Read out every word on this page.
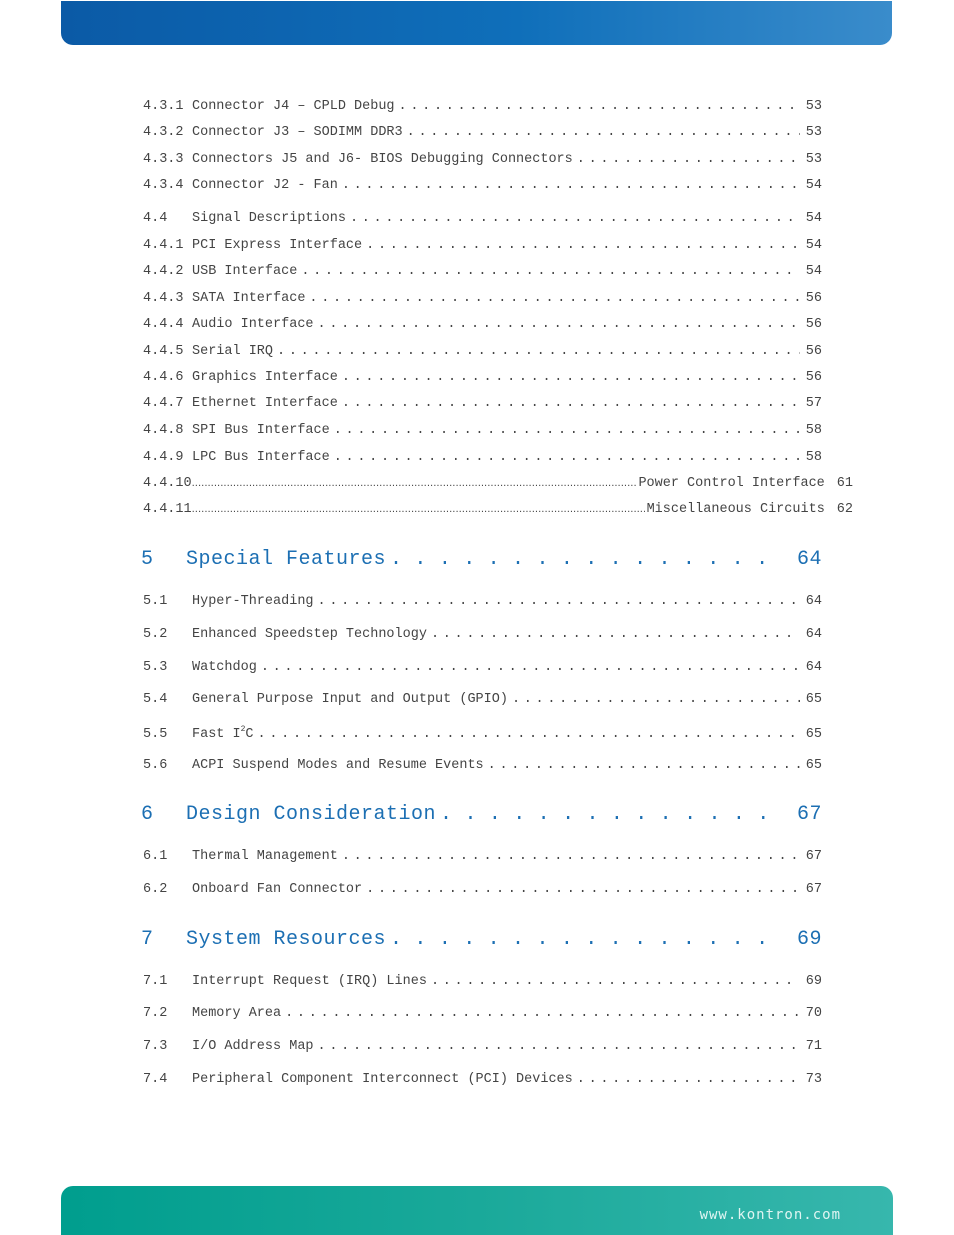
4.3.1 Connector J4 – CPLD Debug . . .	53
4.3.2 Connector J3 – SODIMM DDR3 . . .	53
4.3.3 Connectors J5 and J6- BIOS Debugging Connectors . . .	53
4.3.4 Connector J2 - Fan . . .	54
4.4	Signal Descriptions . . .	54
4.4.1 PCI Express Interface . . .	54
4.4.2 USB Interface . . .	54
4.4.3 SATA Interface . . .	56
4.4.4 Audio Interface . . .	56
4.4.5 Serial IRQ . . .	56
4.4.6 Graphics Interface . . .	56
4.4.7 Ethernet Interface . . .	57
4.4.8 SPI Bus Interface . . .	58
4.4.9 LPC Bus Interface . . .	58
4.4.10 .....	Power Control Interface 61
4.4.11 .....	Miscellaneous Circuits 62
5	Special Features . . .	64
5.1	Hyper-Threading . . .	64
5.2	Enhanced Speedstep Technology . . .	64
5.3	Watchdog . . .	64
5.4	General Purpose Input and Output (GPIO) . . .	65
5.5	Fast $I^2C$ . . .	65
5.6	ACPI Suspend Modes and Resume Events . . .	65
6	Design Consideration . . .	67
6.1	Thermal Management . . .	67
6.2	Onboard Fan Connector . . .	67
7	System Resources . . .	69
7.1	Interrupt Request (IRQ) Lines . . .	69
7.2	Memory Area . . .	70
7.3	I/O Address Map . . .	71
7.4	Peripheral Component Interconnect (PCI) Devices . . .	73
www.kontron.com
